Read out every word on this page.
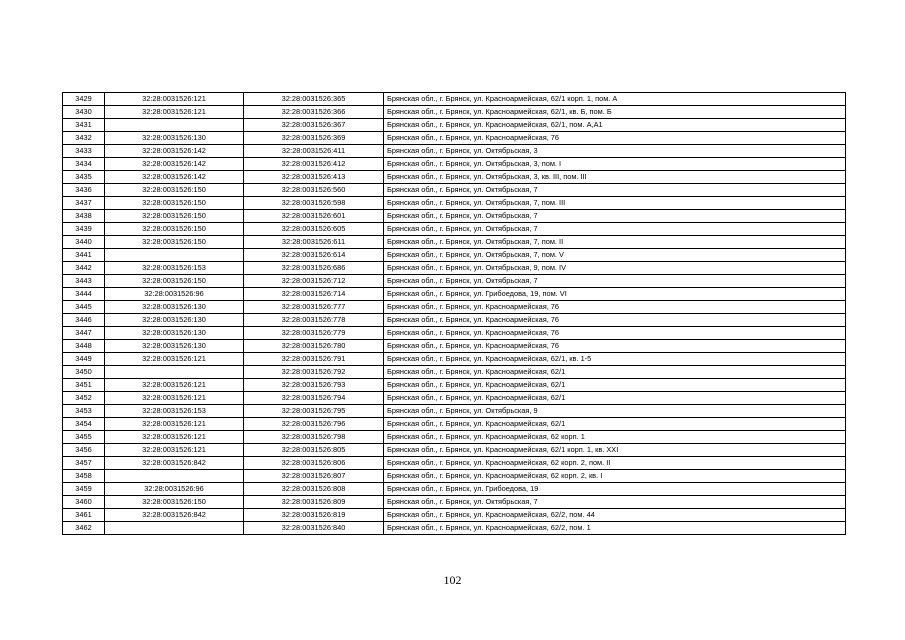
3429	32:28:0031526:121	32:28:0031526:365	Брянская обл., г. Брянск, ул. Красноармейская, 62/1 корп. 1, пом. А
3430	32:28:0031526:121	32:28:0031526:366	Брянская обл., г. Брянск, ул. Красноармейская, 62/1, кв. Б, пом. Б
3431		32:28:0031526:367	Брянская обл., г. Брянск, ул. Красноармейская, 62/1, пом. А,А1
3432	32:28:0031526:130	32:28:0031526:369	Брянская обл., г. Брянск, ул. Красноармейская, 76
3433	32:28:0031526:142	32:28:0031526:411	Брянская обл., г. Брянск, ул. Октябрьская, 3
3434	32:28:0031526:142	32:28:0031526:412	Брянская обл., г. Брянск, ул. Октябрьская, 3, пом. I
3435	32:28:0031526:142	32:28:0031526:413	Брянская обл., г. Брянск, ул. Октябрьская, 3, кв. III, пом. III
3436	32:28:0031526:150	32:28:0031526:560	Брянская обл., г. Брянск, ул. Октябрьская, 7
3437	32:28:0031526:150	32:28:0031526:598	Брянская обл., г. Брянск, ул. Октябрьская, 7, пом. III
3438	32:28:0031526:150	32:28:0031526:601	Брянская обл., г. Брянск, ул. Октябрьская, 7
3439	32:28:0031526:150	32:28:0031526:605	Брянская обл., г. Брянск, ул. Октябрьская, 7
3440	32:28:0031526:150	32:28:0031526:611	Брянская обл., г. Брянск, ул. Октябрьская, 7, пом. II
3441		32:28:0031526:614	Брянская обл., г. Брянск, ул. Октябрьская, 7, пом. V
3442	32:28:0031526:153	32:28:0031526:686	Брянская обл., г. Брянск, ул. Октябрьская, 9, пом. IV
3443	32:28:0031526:150	32:28:0031526:712	Брянская обл., г. Брянск, ул. Октябрьская, 7
3444	32:28:0031526:96	32:28:0031526:714	Брянская обл., г. Брянск, ул. Грибоедова, 19, пом. VI
3445	32:28:0031526:130	32:28:0031526:777	Брянская обл., г. Брянск, ул. Красноармейская, 76
3446	32:28:0031526:130	32:28:0031526:778	Брянская обл., г. Брянск, ул. Красноармейская, 76
3447	32:28:0031526:130	32:28:0031526:779	Брянская обл., г. Брянск, ул. Красноармейская, 76
3448	32:28:0031526:130	32:28:0031526:780	Брянская обл., г. Брянск, ул. Красноармейская, 76
3449	32:28:0031526:121	32:28:0031526:791	Брянская обл., г. Брянск, ул. Красноармейская, 62/1, кв. 1-5
3450		32:28:0031526:792	Брянская обл., г. Брянск, ул. Красноармейская, 62/1
3451	32:28:0031526:121	32:28:0031526:793	Брянская обл., г. Брянск, ул. Красноармейская, 62/1
3452	32:28:0031526:121	32:28:0031526:794	Брянская обл., г. Брянск, ул. Красноармейская, 62/1
3453	32:28:0031526:153	32:28:0031526:795	Брянская обл., г. Брянск, ул. Октябрьская, 9
3454	32:28:0031526:121	32:28:0031526:796	Брянская обл., г. Брянск, ул. Красноармейская, 62/1
3455	32:28:0031526:121	32:28:0031526:798	Брянская обл., г. Брянск, ул. Красноармейская, 62 корп. 1
3456	32:28:0031526:121	32:28:0031526:805	Брянская обл., г. Брянск, ул. Красноармейская, 62/1 корп. 1, кв. XXI
3457	32:28:0031526:842	32:28:0031526:806	Брянская обл., г. Брянск, ул. Красноармейская, 62 корп. 2, пом. II
3458		32:28:0031526:807	Брянская обл., г. Брянск, ул. Красноармейская, 62 корп. 2, кв. I
3459	32:28:0031526:96	32:28:0031526:808	Брянская обл., г. Брянск, ул. Грибоедова, 19
3460	32:28:0031526:150	32:28:0031526:809	Брянская обл., г. Брянск, ул. Октябрьская, 7
3461	32:28:0031526:842	32:28:0031526:819	Брянская обл., г. Брянск, ул. Красноармейская, 62/2, пом. 44
3462		32:28:0031526:840	Брянская обл., г. Брянск, ул. Красноармейская, 62/2, пом. 1
102
